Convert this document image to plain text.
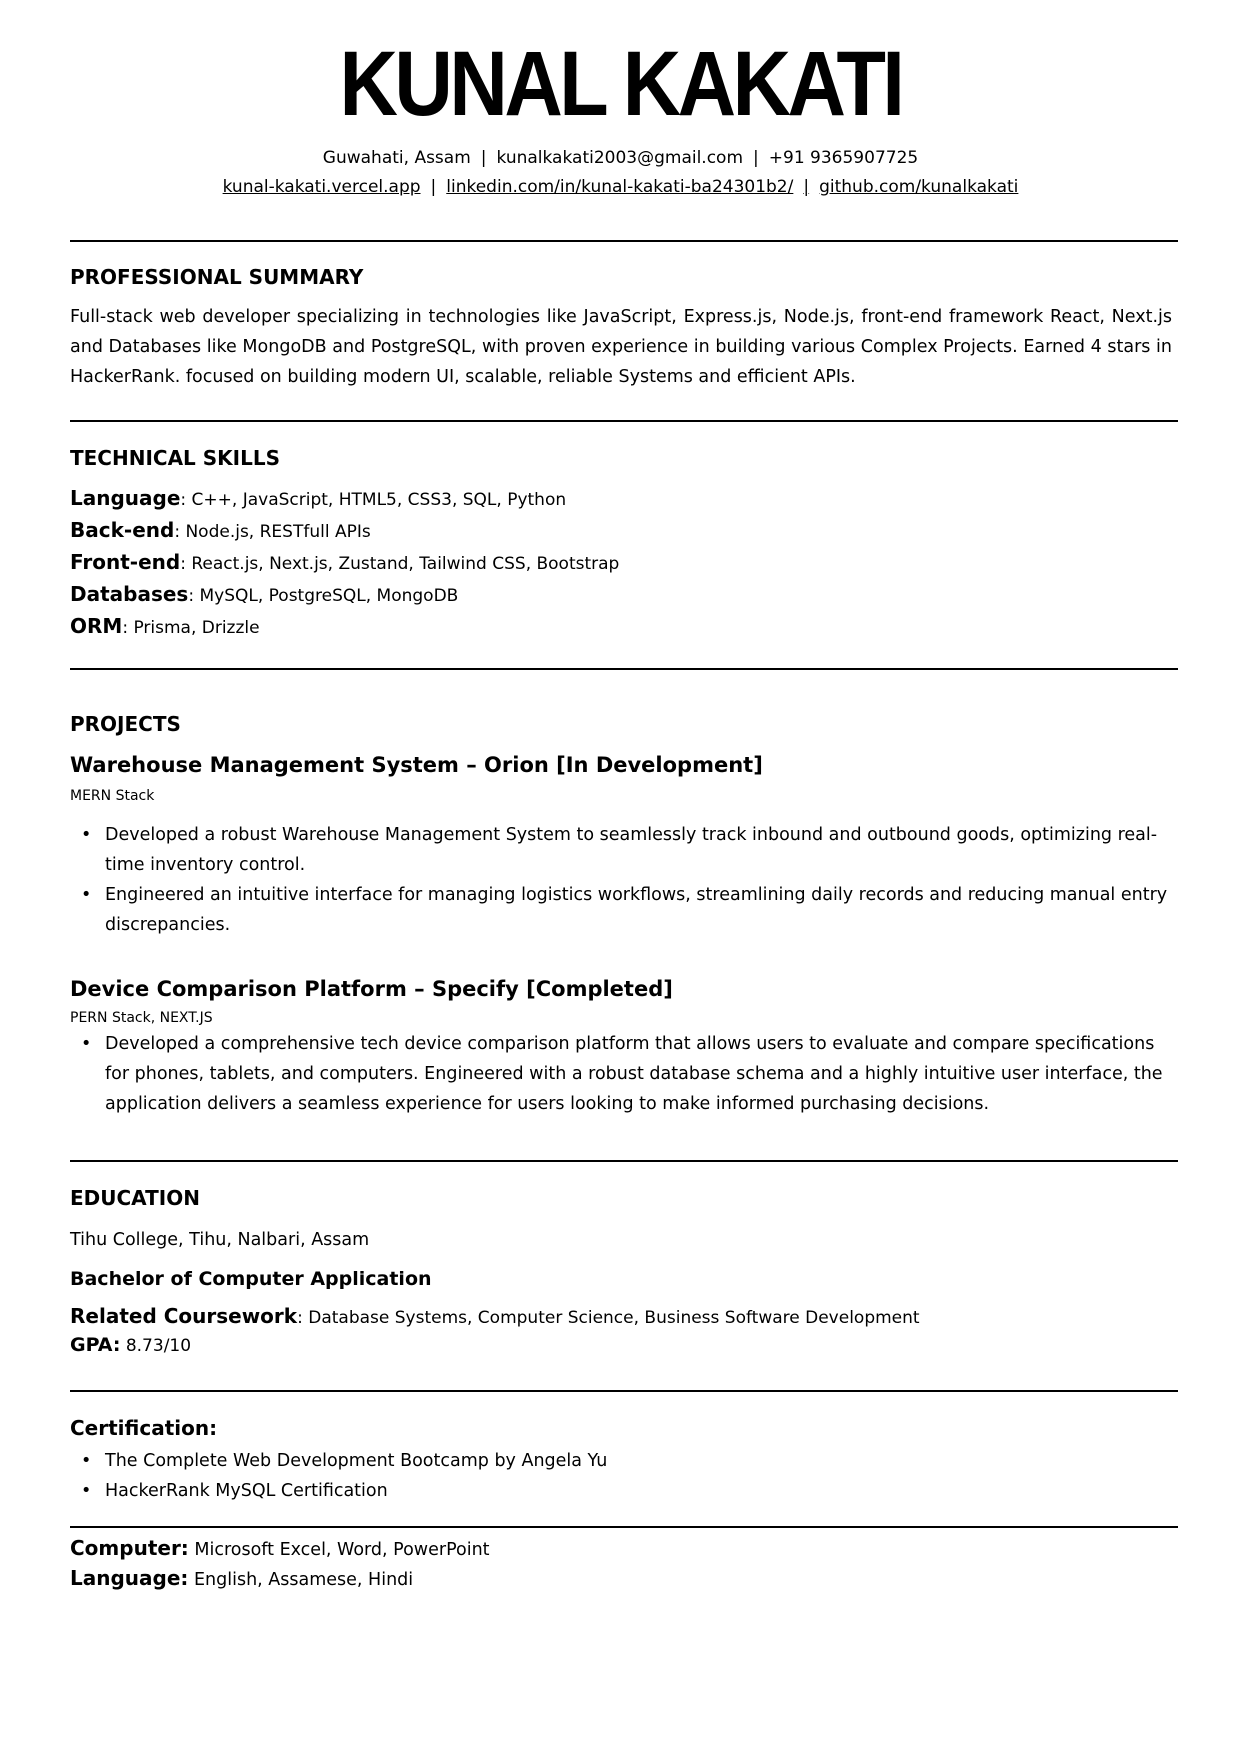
KUNAL KAKATI
Guwahati, Assam | kunalkakati2003@gmail.com | +91 9365907725
kunal-kakati.vercel.app | linkedin.com/in/kunal-kakati-ba24301b2/ | github.com/kunalkakati
PROFESSIONAL SUMMARY
Full-stack web developer specializing in technologies like JavaScript, Express.js, Node.js, front-end framework React, Next.js and Databases like MongoDB and PostgreSQL, with proven experience in building various Complex Projects. Earned 4 stars in HackerRank. focused on building modern UI, scalable, reliable Systems and efficient APIs.
TECHNICAL SKILLS
Language: C++, JavaScript, HTML5, CSS3, SQL, Python
Back-end: Node.js, RESTfull APIs
Front-end: React.js, Next.js, Zustand, Tailwind CSS, Bootstrap
Databases: MySQL, PostgreSQL, MongoDB
ORM: Prisma, Drizzle
PROJECTS
Warehouse Management System – Orion [In Development]
MERN Stack
• Developed a robust Warehouse Management System to seamlessly track inbound and outbound goods, optimizing real-time inventory control.
• Engineered an intuitive interface for managing logistics workflows, streamlining daily records and reducing manual entry discrepancies.
Device Comparison Platform – Specify [Completed]
PERN Stack, NEXT.JS
• Developed a comprehensive tech device comparison platform that allows users to evaluate and compare specifications for phones, tablets, and computers. Engineered with a robust database schema and a highly intuitive user interface, the application delivers a seamless experience for users looking to make informed purchasing decisions.
EDUCATION
Tihu College, Tihu, Nalbari, Assam
Bachelor of Computer Application
Related Coursework: Database Systems, Computer Science, Business Software Development
GPA: 8.73/10
Certification:
• The Complete Web Development Bootcamp by Angela Yu
• HackerRank MySQL Certification
Computer: Microsoft Excel, Word, PowerPoint
Language: English, Assamese, Hindi
